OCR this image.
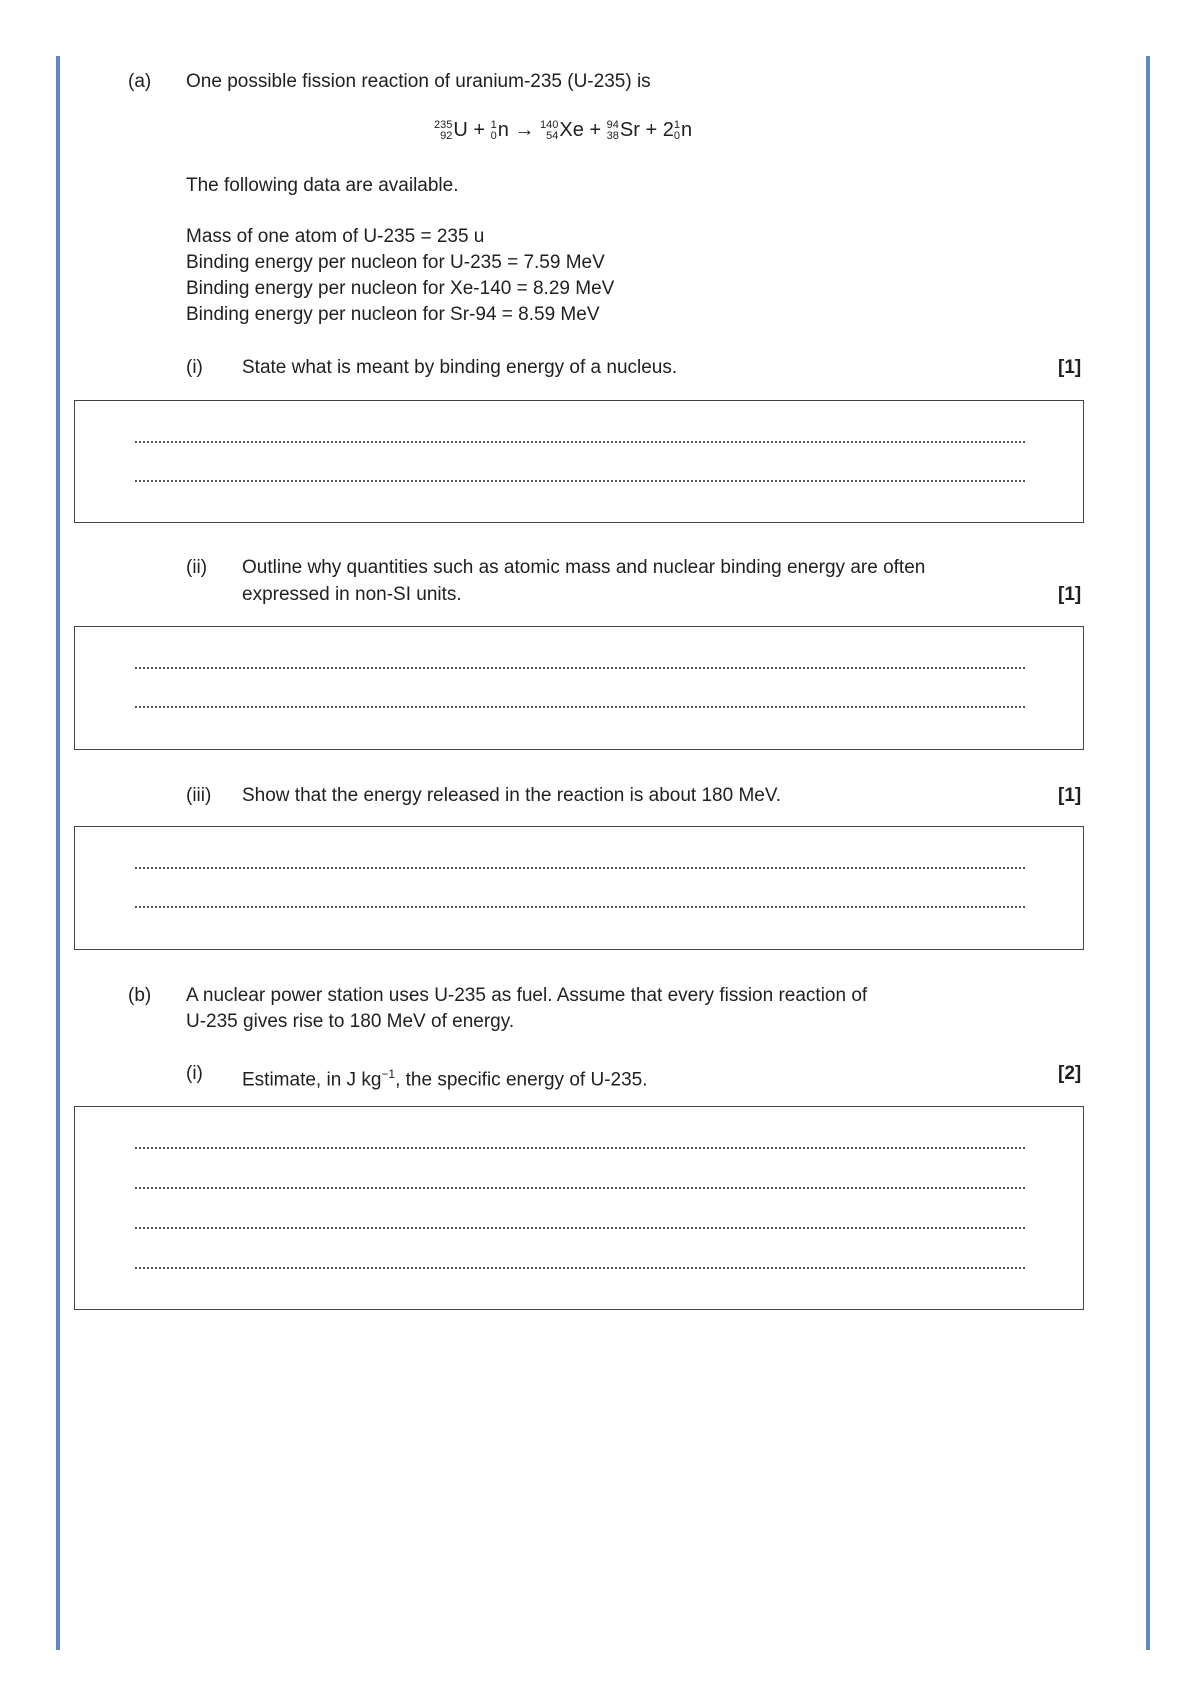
(a) One possible fission reaction of uranium-235 (U-235) is
235
92 U + 1
0 n → 140
54 Xe + 94
38 Sr + 2 1
0 n
The following data are available.
Mass of one atom of U-235 = 235 u
Binding energy per nucleon for U-235 = 7.59 MeV
Binding energy per nucleon for Xe-140 = 8.29 MeV
Binding energy per nucleon for Sr-94 = 8.59 MeV
(i) State what is meant by binding energy of a nucleus.	[1]
(ii) Outline why quantities such as atomic mass and nuclear binding energy are often
expressed in non-SI units.	[1]
(iii) Show that the energy released in the reaction is about 180 MeV.	[1]
(b) A nuclear power station uses U-235 as fuel. Assume that every fission reaction of
U-235 gives rise to 180 MeV of energy.
(i) Estimate, in J $kg^{-1}$, the specific energy of U-235.	[2]
